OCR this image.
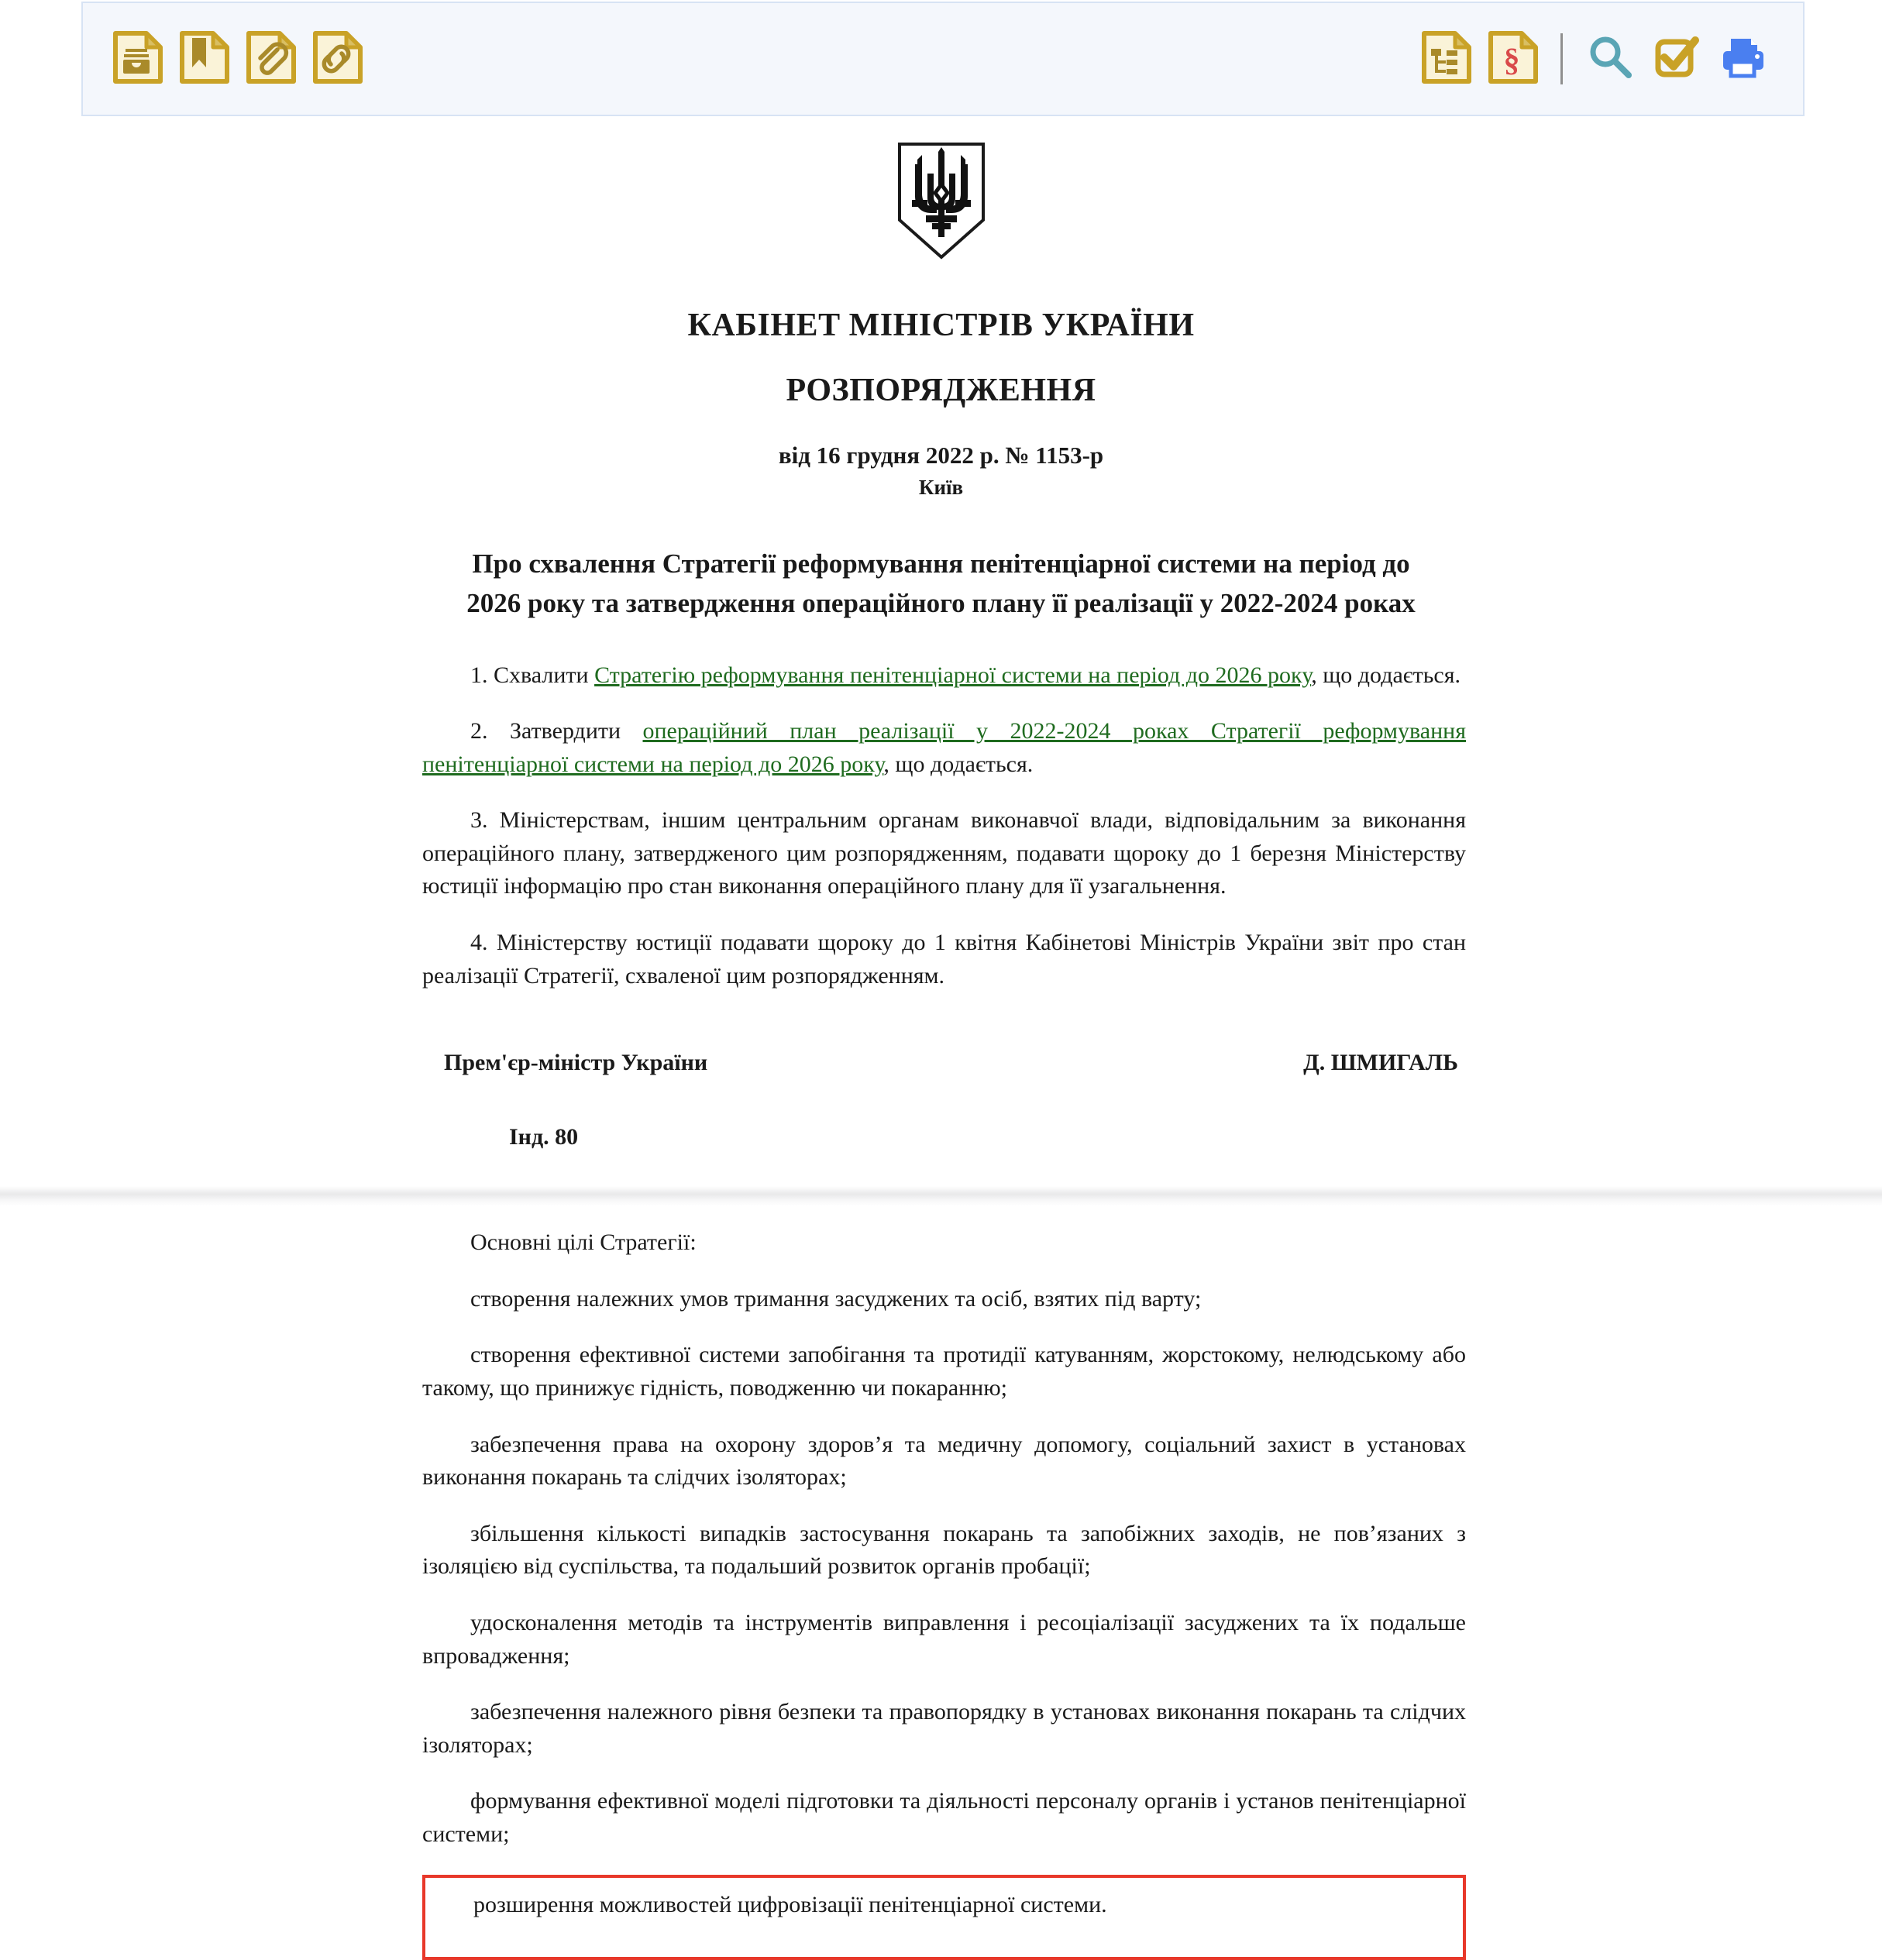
§
КАБІНЕТ МІНІСТРІВ УКРАЇНИ
РОЗПОРЯДЖЕННЯ
від 16 грудня 2022 р. № 1153-р
Київ
Про схвалення Стратегії реформування пенітенціарної системи на період до 2026 року та затвердження операційного плану її реалізації у 2022-2024 роках

1. Схвалити Стратегію реформування пенітенціарної системи на період до 2026 року, що додається.

2. Затвердити операційний план реалізації у 2022-2024 роках Стратегії реформування пенітенціарної системи на період до 2026 року, що додається.

3. Міністерствам, іншим центральним органам виконавчої влади, відповідальним за виконання операційного плану, затвердженого цим розпорядженням, подавати щороку до 1 березня Міністерству юстиції інформацію про стан виконання операційного плану для її узагальнення.

4. Міністерству юстиції подавати щороку до 1 квітня Кабінетові Міністрів України звіт про стан реалізації Стратегії, схваленої цим розпорядженням.

Прем'єр-міністр України	Д. ШМИГАЛЬ
Інд. 80

Основні цілі Стратегії:

створення належних умов тримання засуджених та осіб, взятих під варту;

створення ефективної системи запобігання та протидії катуванням, жорстокому, нелюдському або такому, що принижує гідність, поводженню чи покаранню;

забезпечення права на охорону здоров’я та медичну допомогу, соціальний захист в установах виконання покарань та слідчих ізоляторах;

збільшення кількості випадків застосування покарань та запобіжних заходів, не пов’язаних з ізоляцією від суспільства, та подальший розвиток органів пробації;

удосконалення методів та інструментів виправлення і ресоціалізації засуджених та їх подальше впровадження;

забезпечення належного рівня безпеки та правопорядку в установах виконання покарань та слідчих ізоляторах;

формування ефективної моделі підготовки та діяльності персоналу органів і установ пенітенціарної системи;

розширення можливостей цифровізації пенітенціарної системи.
